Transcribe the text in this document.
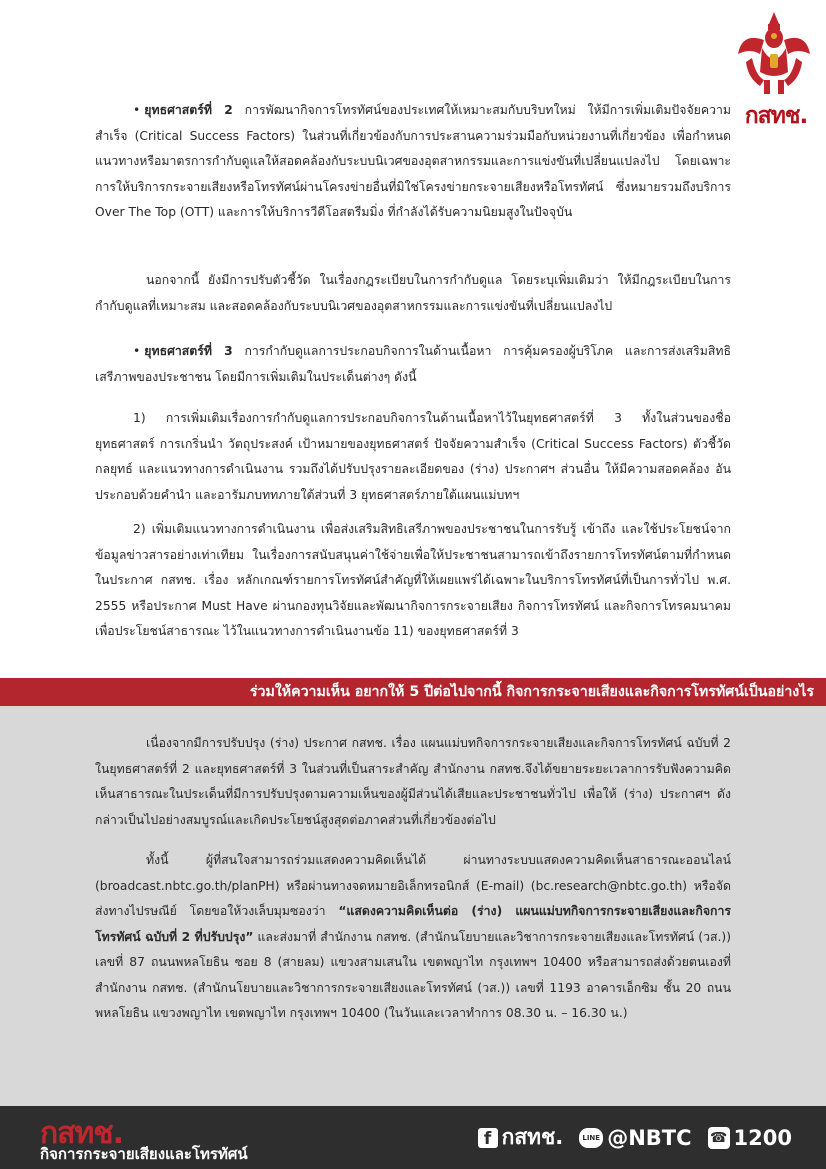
กสทช.

• ยุทธศาสตร์ที่ 2 การพัฒนากิจการโทรทัศน์ของประเทศให้เหมาะสมกับบริบทใหม่ ให้มีการเพิ่มเติมปัจจัยความสำเร็จ (Critical Success Factors) ในส่วนที่เกี่ยวข้องกับการประสานความร่วมมือกับหน่วยงานที่เกี่ยวข้อง เพื่อกำหนดแนวทางหรือมาตรการกำกับดูแลให้สอดคล้องกับระบบนิเวศของอุตสาหกรรมและการแข่งขันที่เปลี่ยนแปลงไป โดยเฉพาะการให้บริการกระจายเสียงหรือโทรทัศน์ผ่านโครงข่ายอื่นที่มิใช่โครงข่ายกระจายเสียงหรือโทรทัศน์ ซึ่งหมายรวมถึงบริการ Over The Top (OTT) และการให้บริการวีดีโอสตรีมมิ่ง ที่กำลังได้รับความนิยมสูงในปัจจุบัน

นอกจากนี้ ยังมีการปรับตัวชี้วัด ในเรื่องกฎระเบียบในการกำกับดูแล โดยระบุเพิ่มเติมว่า ให้มีกฎระเบียบในการกำกับดูแลที่เหมาะสม และสอดคล้องกับระบบนิเวศของอุตสาหกรรมและการแข่งขันที่เปลี่ยนแปลงไป

• ยุทธศาสตร์ที่ 3 การกำกับดูแลการประกอบกิจการในด้านเนื้อหา การคุ้มครองผู้บริโภค และการส่งเสริมสิทธิเสรีภาพของประชาชน โดยมีการเพิ่มเติมในประเด็นต่างๆ ดังนี้

1) การเพิ่มเติมเรื่องการกำกับดูแลการประกอบกิจการในด้านเนื้อหาไว้ในยุทธศาสตร์ที่ 3 ทั้งในส่วนของชื่อยุทธศาสตร์ การเกริ่นนำ วัตถุประสงค์ เป้าหมายของยุทธศาสตร์ ปัจจัยความสำเร็จ (Critical Success Factors) ตัวชี้วัด กลยุทธ์ และแนวทางการดำเนินงาน รวมถึงได้ปรับปรุงรายละเอียดของ (ร่าง) ประกาศฯ ส่วนอื่น ให้มีความสอดคล้อง อันประกอบด้วยคำนำ และอารัมภบททภายใต้ส่วนที่ 3 ยุทธศาสตร์ภายใต้แผนแม่บทฯ

2) เพิ่มเติมแนวทางการดำเนินงาน เพื่อส่งเสริมสิทธิเสรีภาพของประชาชนในการรับรู้ เข้าถึง และใช้ประโยชน์จากข้อมูลข่าวสารอย่างเท่าเทียม ในเรื่องการสนับสนุนค่าใช้จ่ายเพื่อให้ประชาชนสามารถเข้าถึงรายการโทรทัศน์ตามที่กำหนดในประกาศ กสทช. เรื่อง หลักเกณฑ์รายการโทรทัศน์สำคัญที่ให้เผยแพร่ได้เฉพาะในบริการโทรทัศน์ที่เป็นการทั่วไป พ.ศ. 2555 หรือประกาศ Must Have ผ่านกองทุนวิจัยและพัฒนากิจการกระจายเสียง กิจการโทรทัศน์ และกิจการโทรคมนาคม เพื่อประโยชน์สาธารณะ ไว้ในแนวทางการดำเนินงานข้อ 11) ของยุทธศาสตร์ที่ 3

ร่วมให้ความเห็น อยากให้ 5 ปีต่อไปจากนี้ กิจการกระจายเสียงและกิจการโทรทัศน์เป็นอย่างไร

เนื่องจากมีการปรับปรุง (ร่าง) ประกาศ กสทช. เรื่อง แผนแม่บทกิจการกระจายเสียงและกิจการโทรทัศน์ ฉบับที่ 2 ในยุทธศาสตร์ที่ 2 และยุทธศาสตร์ที่ 3 ในส่วนที่เป็นสาระสำคัญ สำนักงาน กสทช.จึงได้ขยายระยะเวลาการรับฟังความคิดเห็นสาธารณะในประเด็นที่มีการปรับปรุงตามความเห็นของผู้มีส่วนได้เสียและประชาชนทั่วไป เพื่อให้ (ร่าง) ประกาศฯ ดังกล่าวเป็นไปอย่างสมบูรณ์และเกิดประโยชน์สูงสุดต่อภาคส่วนที่เกี่ยวข้องต่อไป

ทั้งนี้ ผู้ที่สนใจสามารถร่วมแสดงความคิดเห็นได้ ผ่านทางระบบแสดงความคิดเห็นสาธารณะออนไลน์ (broadcast.nbtc.go.th/planPH) หรือผ่านทางจดหมายอิเล็กทรอนิกส์ (E-mail) (bc.research@nbtc.go.th) หรือจัดส่งทางไปรษณีย์ โดยขอให้วงเล็บมุมซองว่า “แสดงความคิดเห็นต่อ (ร่าง) แผนแม่บทกิจการกระจายเสียงและกิจการโทรทัศน์ ฉบับที่ 2 ที่ปรับปรุง” และส่งมาที่ สำนักงาน กสทช. (สำนักนโยบายและวิชาการกระจายเสียงและโทรทัศน์ (วส.)) เลขที่ 87 ถนนพหลโยธิน ซอย 8 (สายลม) แขวงสามเสนใน เขตพญาไท กรุงเทพฯ 10400 หรือสามารถส่งด้วยตนเองที่สำนักงาน กสทช. (สำนักนโยบายและวิชาการกระจายเสียงและโทรทัศน์ (วส.)) เลขที่ 1193 อาคารเอ็กซิม ชั้น 20 ถนนพหลโยธิน แขวงพญาไท เขตพญาไท กรุงเทพฯ 10400 (ในวันและเวลาทำการ 08.30 น. – 16.30 น.)

กสทช.
กิจการกระจายเสียงและโทรทัศน์
f กสทช.	LINE @NBTC ☎ 1200
